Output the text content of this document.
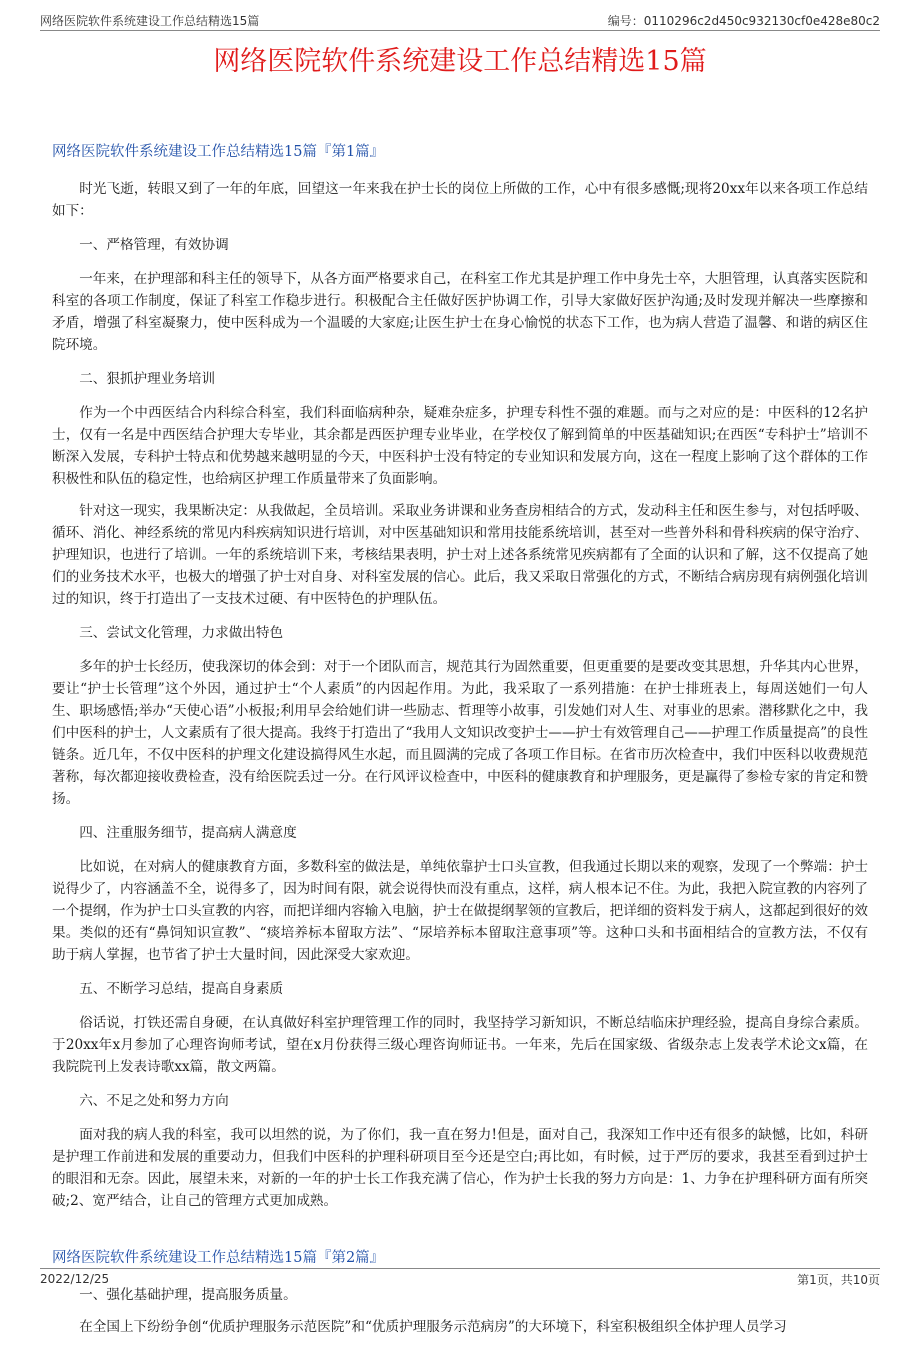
网络医院软件系统建设工作总结精选15篇	编号：0110296c2d450c932130cf0e428e80c2
网络医院软件系统建设工作总结精选15篇
网络医院软件系统建设工作总结精选15篇『第1篇』

时光飞逝，转眼又到了一年的年底，回望这一年来我在护士长的岗位上所做的工作，心中有很多感慨;现将20xx年以来各项工作总结如下：

一、严格管理，有效协调

一年来，在护理部和科主任的领导下，从各方面严格要求自己，在科室工作尤其是护理工作中身先士卒，大胆管理，认真落实医院和科室的各项工作制度，保证了科室工作稳步进行。积极配合主任做好医护协调工作，引导大家做好医护沟通;及时发现并解决一些摩擦和矛盾，增强了科室凝聚力，使中医科成为一个温暖的大家庭;让医生护士在身心愉悦的状态下工作，也为病人营造了温馨、和谐的病区住院环境。

二、狠抓护理业务培训

作为一个中西医结合内科综合科室，我们科面临病种杂，疑难杂症多，护理专科性不强的难题。而与之对应的是：中医科的12名护士，仅有一名是中西医结合护理大专毕业，其余都是西医护理专业毕业，在学校仅了解到简单的中医基础知识;在西医“专科护士”培训不断深入发展，专科护士特点和优势越来越明显的今天，中医科护士没有特定的专业知识和发展方向，这在一程度上影响了这个群体的工作积极性和队伍的稳定性，也给病区护理工作质量带来了负面影响。

针对这一现实，我果断决定：从我做起，全员培训。采取业务讲课和业务查房相结合的方式，发动科主任和医生参与，对包括呼吸、循环、消化、神经系统的常见内科疾病知识进行培训，对中医基础知识和常用技能系统培训，甚至对一些普外科和骨科疾病的保守治疗、护理知识，也进行了培训。一年的系统培训下来，考核结果表明，护士对上述各系统常见疾病都有了全面的认识和了解，这不仅提高了她们的业务技术水平，也极大的增强了护士对自身、对科室发展的信心。此后，我又采取日常强化的方式，不断结合病房现有病例强化培训过的知识，终于打造出了一支技术过硬、有中医特色的护理队伍。

三、尝试文化管理，力求做出特色

多年的护士长经历，使我深切的体会到：对于一个团队而言，规范其行为固然重要，但更重要的是要改变其思想，升华其内心世界，要让“护士长管理”这个外因，通过护士“个人素质”的内因起作用。为此，我采取了一系列措施：在护士排班表上，每周送她们一句人生、职场感悟;举办“天使心语”小板报;利用早会给她们讲一些励志、哲理等小故事，引发她们对人生、对事业的思索。潜移默化之中，我们中医科的护士，人文素质有了很大提高。我终于打造出了“我用人文知识改变护士——护士有效管理自己——护理工作质量提高”的良性链条。近几年，不仅中医科的护理文化建设搞得风生水起，而且圆满的完成了各项工作目标。在省市历次检查中，我们中医科以收费规范著称，每次都迎接收费检查，没有给医院丢过一分。在行风评议检查中，中医科的健康教育和护理服务，更是赢得了参检专家的肯定和赞扬。

四、注重服务细节，提高病人满意度

比如说，在对病人的健康教育方面，多数科室的做法是，单纯依靠护士口头宣教，但我通过长期以来的观察，发现了一个弊端：护士说得少了，内容涵盖不全，说得多了，因为时间有限，就会说得快而没有重点，这样，病人根本记不住。为此，我把入院宣教的内容列了一个提纲，作为护士口头宣教的内容，而把详细内容输入电脑，护士在做提纲挈领的宣教后，把详细的资料发于病人，这都起到很好的效果。类似的还有“鼻饲知识宣教”、“痰培养标本留取方法”、“尿培养标本留取注意事项”等。这种口头和书面相结合的宣教方法，不仅有助于病人掌握，也节省了护士大量时间，因此深受大家欢迎。

五、不断学习总结，提高自身素质

俗话说，打铁还需自身硬，在认真做好科室护理管理工作的同时，我坚持学习新知识，不断总结临床护理经验，提高自身综合素质。于20xx年x月参加了心理咨询师考试，望在x月份获得三级心理咨询师证书。一年来，先后在国家级、省级杂志上发表学术论文x篇，在我院院刊上发表诗歌xx篇，散文两篇。

六、不足之处和努力方向

面对我的病人我的科室，我可以坦然的说，为了你们，我一直在努力!但是，面对自己，我深知工作中还有很多的缺憾，比如，科研是护理工作前进和发展的重要动力，但我们中医科的护理科研项目至今还是空白;再比如，有时候，过于严厉的要求，我甚至看到过护士的眼泪和无奈。因此，展望未来，对新的一年的护士长工作我充满了信心，作为护士长我的努力方向是：1、力争在护理科研方面有所突破;2、宽严结合，让自己的管理方式更加成熟。

网络医院软件系统建设工作总结精选15篇『第2篇』

一、强化基础护理，提高服务质量。

在全国上下纷纷争创“优质护理服务示范医院”和“优质护理服务示范病房”的大环境下，科室积极组织全体护理人员学习

2022/12/25	第1页，共10页
